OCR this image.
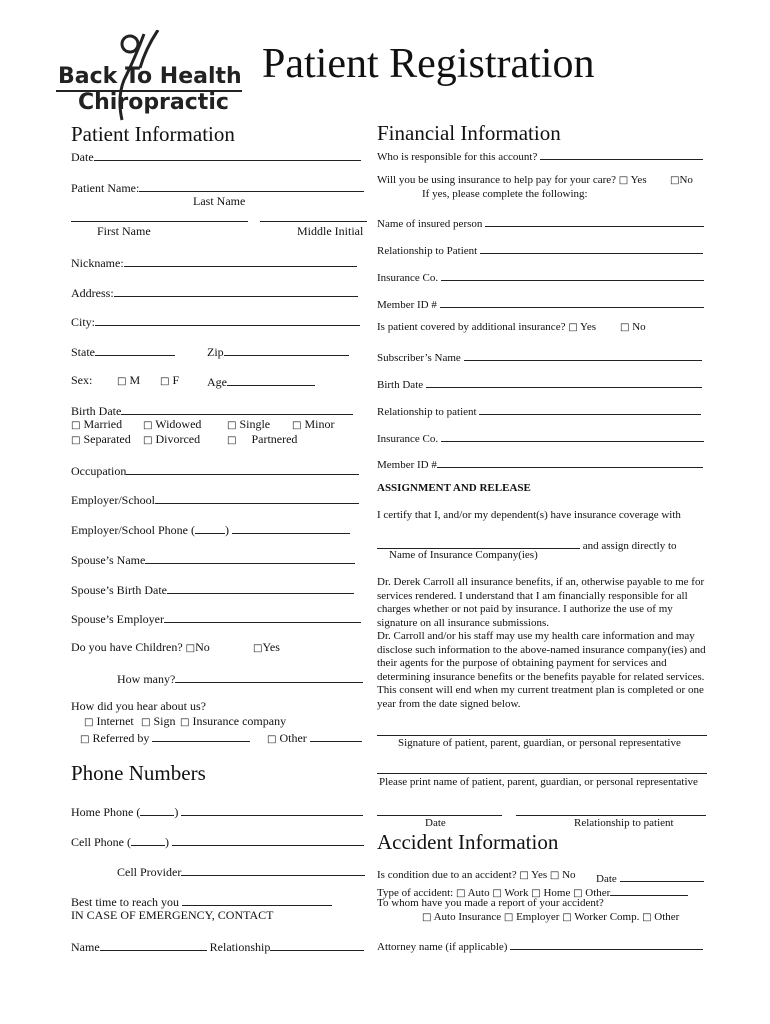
Back To Health
Chiropractic
Patient Registration
Patient Information
Date
Patient Name:
Last Name
First Name	Middle Initial
Nickname:
Address:
City:
State	Zip
Sex: □ M □ F Age
Birth Date
□ Married □ Widowed	□ Single □ Minor
□ Separated □ Divorced	□ Partnered
Occupation
Employer/School
Employer/School Phone (	)
Spouse’s Name
Spouse’s Birth Date
Spouse’s Employer
Do you have Children? □No	□Yes
How many?
How did you hear about us?
□ Internet □ Sign □ Insurance company
□ Referred by	□ Other
Phone Numbers
Home Phone (	)
Cell Phone (	)
Cell Provider
Best time to reach you
IN CASE OF EMERGENCY, CONTACT
Name	Relationship
Financial Information
Who is responsible for this account?
Will you be using insurance to help pay for your care? □ Yes □No
If yes, please complete the following:
Name of insured person
Relationship to Patient
Insurance Co.
Member ID #
Is patient covered by additional insurance? □ Yes □ No
Subscriber’s Name
Birth Date
Relationship to patient
Insurance Co.
Member ID #
ASSIGNMENT AND RELEASE
I certify that I, and/or my dependent(s) have insurance coverage with
and assign directly to
Name of Insurance Company(ies)
Dr. Derek Carroll all insurance benefits, if an, otherwise payable to me for services rendered. I understand that I am financially responsible for all charges whether or not paid by insurance. I authorize the use of my signature on all insurance submissions.
Dr. Carroll and/or his staff may use my health care information and may disclose such information to the above-named insurance company(ies) and their agents for the purpose of obtaining payment for services and determining insurance benefits or the benefits payable for related services. This consent will end when my current treatment plan is completed or one year from the date signed below.
Signature of patient, parent, guardian, or personal representative
Please print name of patient, parent, guardian, or personal representative
Date	Relationship to patient
Accident Information
Is condition due to an accident? □ Yes □ No Date
Type of accident: □ Auto □ Work □ Home □ Other
To whom have you made a report of your accident?
□ Auto Insurance □ Employer □ Worker Comp. □ Other
Attorney name (if applicable)
